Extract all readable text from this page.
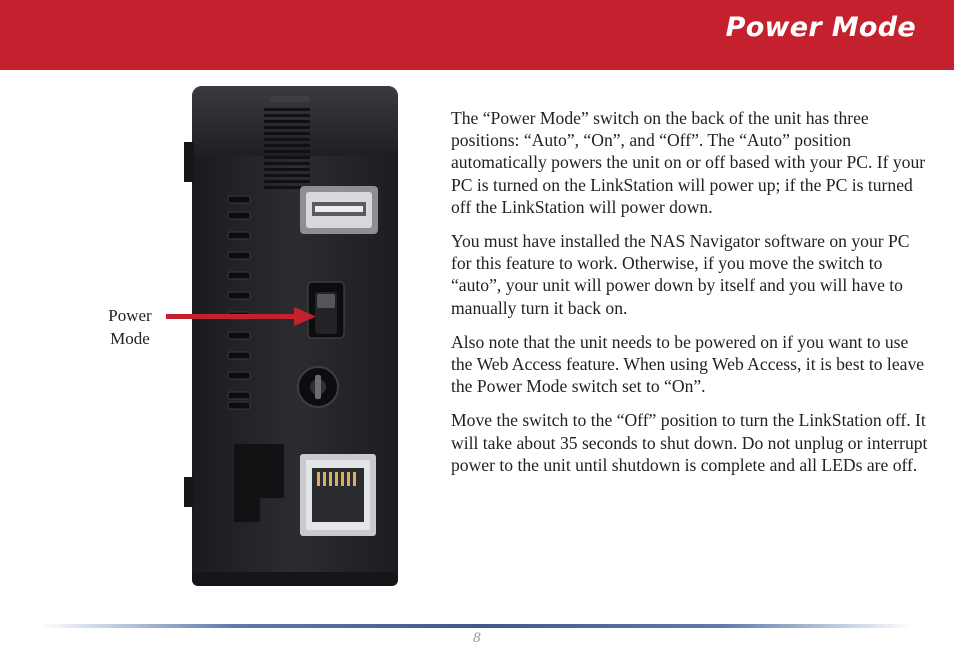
Power Mode
Power
Mode

The “Power Mode” switch on the back of the unit has three positions: “Auto”, “On”, and “Off”. The “Auto” position automatically powers the unit on or off based with your PC. If your PC is turned on the LinkStation will power up; if the PC is turned off the LinkStation will power down.

You must have installed the NAS Navigator software on your PC for this feature to work. Otherwise, if you move the switch to “auto”, your unit will power down by itself and you will have to manually turn it back on.

Also note that the unit needs to be powered on if you want to use the Web Access feature. When using Web Access, it is best to leave the Power Mode switch set to “On”.

Move the switch to the “Off” position to turn the LinkStation off. It will take about 35 seconds to shut down. Do not unplug or interrupt power to the unit until shutdown is complete and all LEDs are off.

8
